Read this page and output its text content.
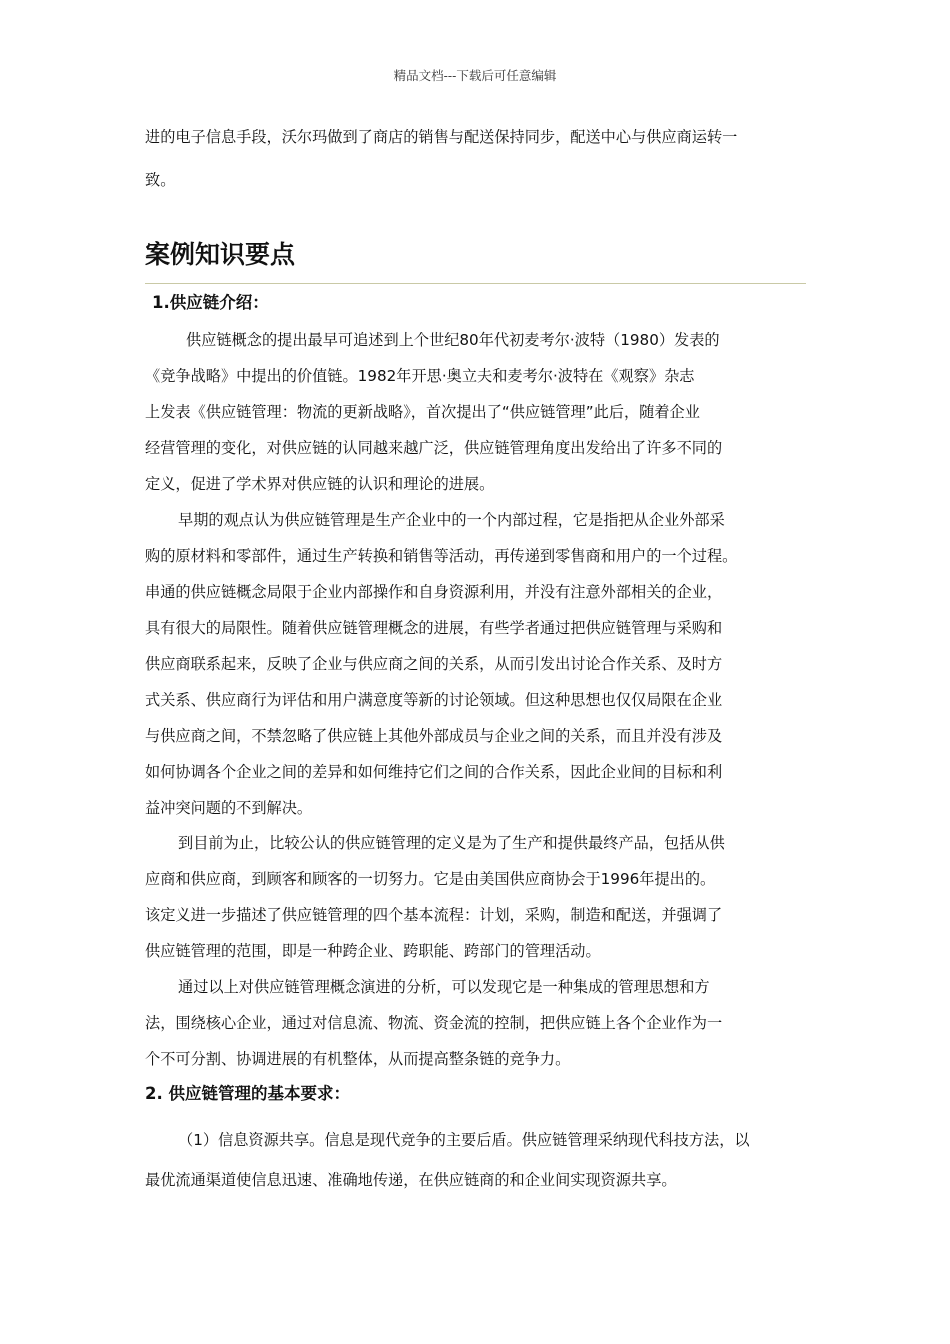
精品文档---下载后可任意编辑
进的电子信息手段，沃尔玛做到了商店的销售与配送保持同步，配送中心与供应商运转一
致。
案例知识要点
1.供应链介绍：
供应链概念的提出最早可追述到上个世纪80年代初麦考尔·波特（1980）发表的
《竞争战略》中提出的价值链。1982年开思·奥立夫和麦考尔·波特在《观察》杂志
上发表《供应链管理：物流的更新战略》，首次提出了“供应链管理”此后，随着企业
经营管理的变化，对供应链的认同越来越广泛，供应链管理角度出发给出了许多不同的
定义，促进了学术界对供应链的认识和理论的进展。
早期的观点认为供应链管理是生产企业中的一个内部过程，它是指把从企业外部采
购的原材料和零部件，通过生产转换和销售等活动，再传递到零售商和用户的一个过程。
串通的供应链概念局限于企业内部操作和自身资源利用，并没有注意外部相关的企业，
具有很大的局限性。随着供应链管理概念的进展，有些学者通过把供应链管理与采购和
供应商联系起来，反映了企业与供应商之间的关系，从而引发出讨论合作关系、及时方
式关系、供应商行为评估和用户满意度等新的讨论领域。但这种思想也仅仅局限在企业
与供应商之间，不禁忽略了供应链上其他外部成员与企业之间的关系，而且并没有涉及
如何协调各个企业之间的差异和如何维持它们之间的合作关系，因此企业间的目标和利
益冲突问题的不到解决。
到目前为止，比较公认的供应链管理的定义是为了生产和提供最终产品，包括从供
应商和供应商，到顾客和顾客的一切努力。它是由美国供应商协会于1996年提出的。
该定义进一步描述了供应链管理的四个基本流程：计划，采购，制造和配送，并强调了
供应链管理的范围，即是一种跨企业、跨职能、跨部门的管理活动。
通过以上对供应链管理概念演进的分析，可以发现它是一种集成的管理思想和方
法，围绕核心企业，通过对信息流、物流、资金流的控制，把供应链上各个企业作为一
个不可分割、协调进展的有机整体，从而提高整条链的竞争力。
2. 供应链管理的基本要求：
（1）信息资源共享。信息是现代竞争的主要后盾。供应链管理采纳现代科技方法，以
最优流通渠道使信息迅速、准确地传递，在供应链商的和企业间实现资源共享。
